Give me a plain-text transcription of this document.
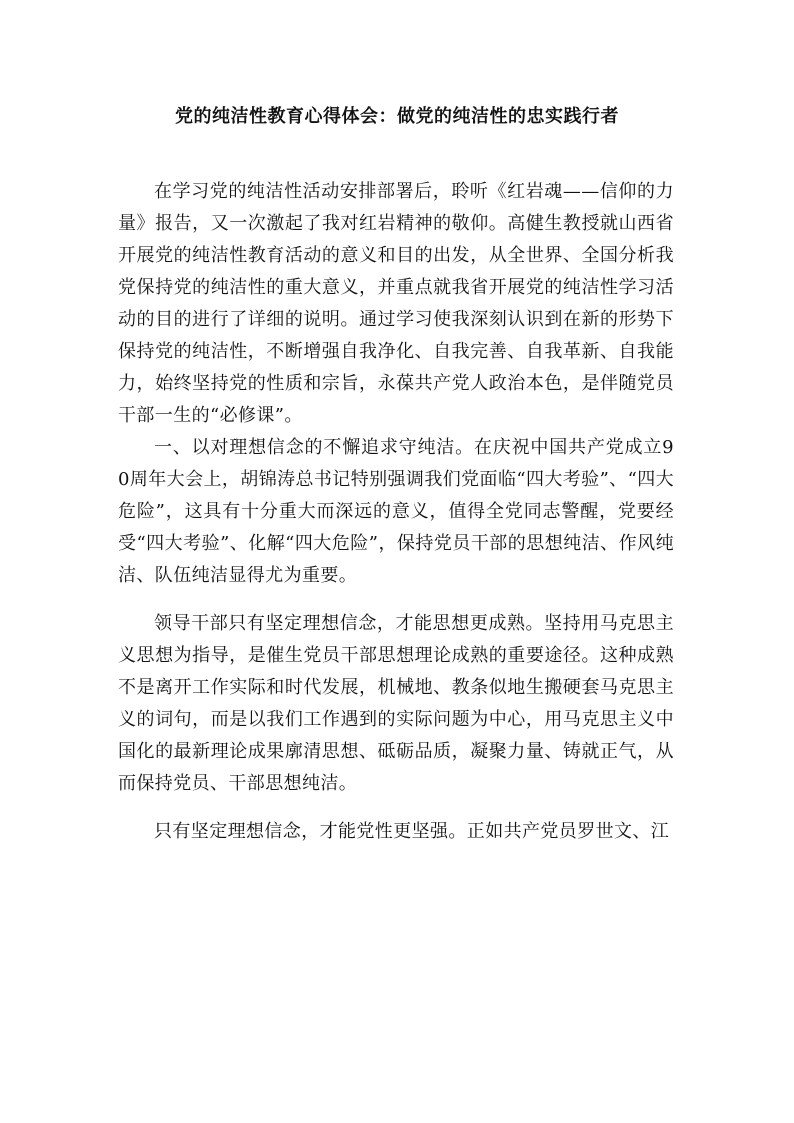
党的纯洁性教育心得体会：做党的纯洁性的忠实践行者

在学习党的纯洁性活动安排部署后，聆听《红岩魂——信仰的力量》报告，又一次激起了我对红岩精神的敬仰。高健生教授就山西省开展党的纯洁性教育活动的意义和目的出发，从全世界、全国分析我党保持党的纯洁性的重大意义，并重点就我省开展党的纯洁性学习活动的目的进行了详细的说明。通过学习使我深刻认识到在新的形势下保持党的纯洁性，不断增强自我净化、自我完善、自我革新、自我能力，始终坚持党的性质和宗旨，永葆共产党人政治本色，是伴随党员干部一生的“必修课”。

一、以对理想信念的不懈追求守纯洁。在庆祝中国共产党成立90周年大会上，胡锦涛总书记特别强调我们党面临“四大考验”、“四大危险”，这具有十分重大而深远的意义，值得全党同志警醒，党要经受“四大考验”、化解“四大危险”，保持党员干部的思想纯洁、作风纯洁、队伍纯洁显得尤为重要。

领导干部只有坚定理想信念，才能思想更成熟。坚持用马克思主义思想为指导，是催生党员干部思想理论成熟的重要途径。这种成熟不是离开工作实际和时代发展，机械地、教条似地生搬硬套马克思主义的词句，而是以我们工作遇到的实际问题为中心，用马克思主义中国化的最新理论成果廓清思想、砥砺品质，凝聚力量、铸就正气，从而保持党员、干部思想纯洁。

只有坚定理想信念，才能党性更坚强。正如共产党员罗世文、江
